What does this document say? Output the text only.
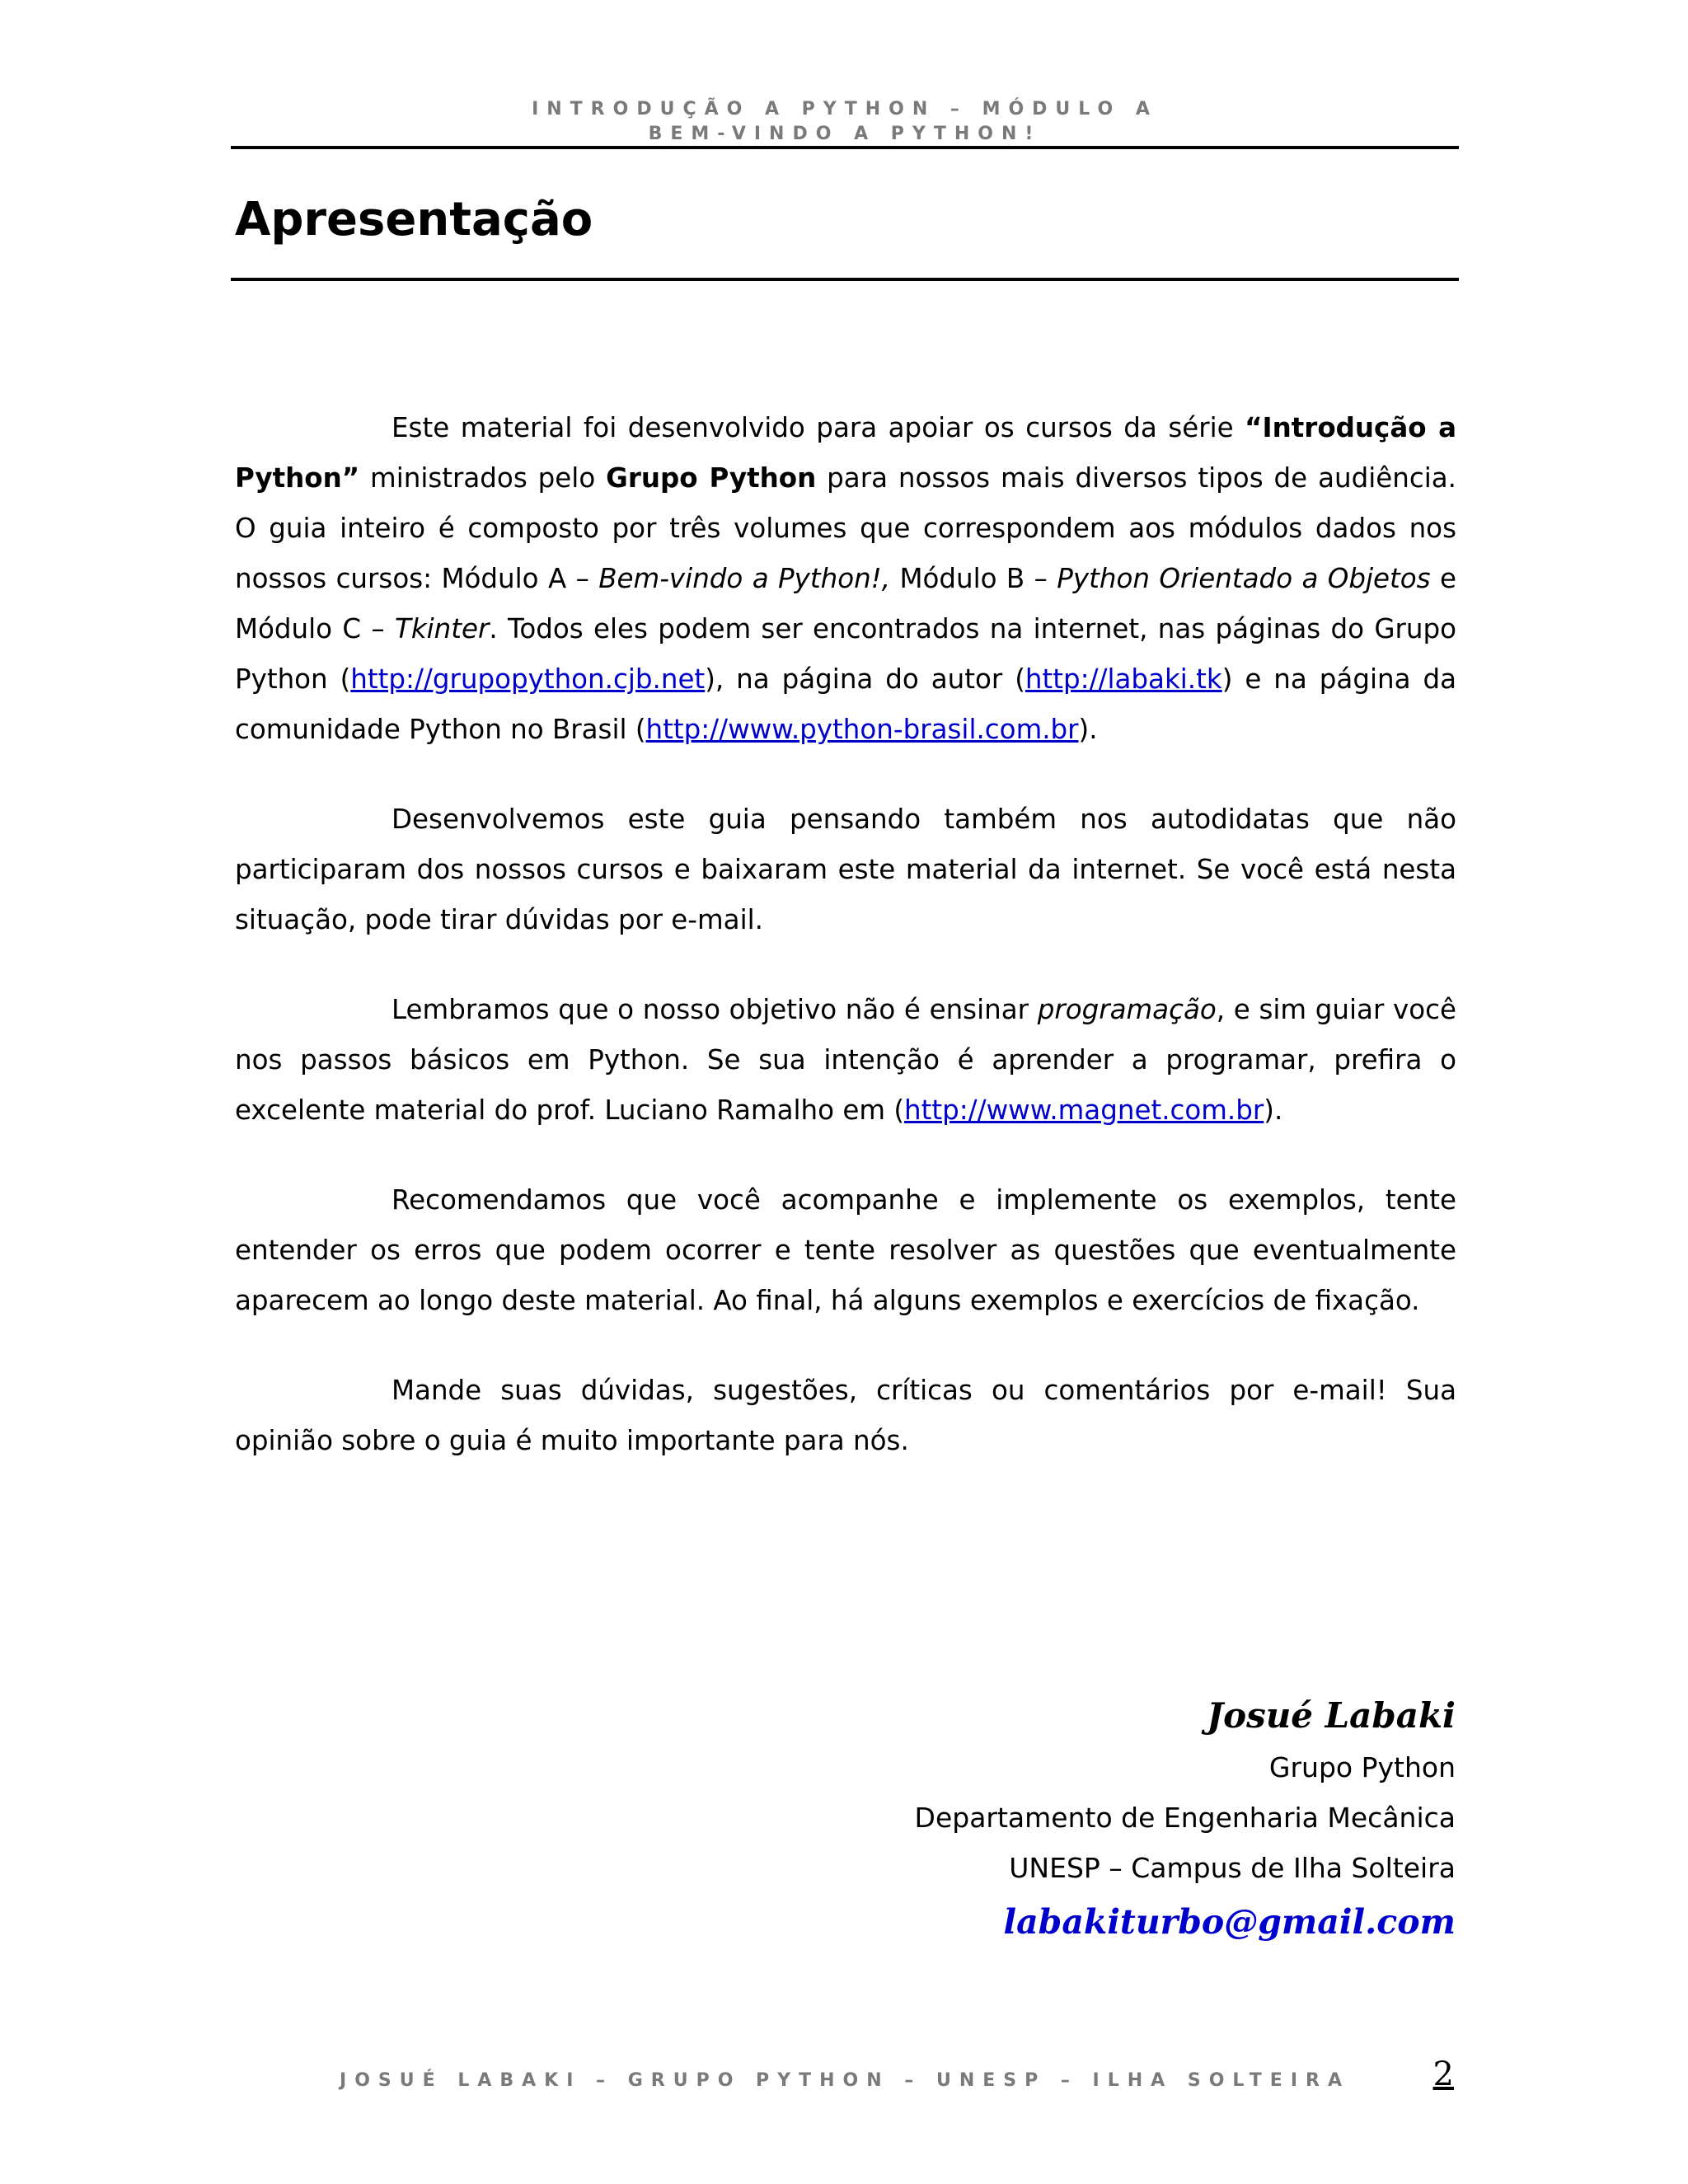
INTRODUÇÃO A PYTHON – MÓDULO A
BEM-VINDO A PYTHON!
Apresentação

Este material foi desenvolvido para apoiar os cursos da série “Introdução a Python” ministrados pelo Grupo Python para nossos mais diversos tipos de audiência. O guia inteiro é composto por três volumes que correspondem aos módulos dados nos nossos cursos: Módulo A – Bem-vindo a Python!, Módulo B – Python Orientado a Objetos e Módulo C – Tkinter. Todos eles podem ser encontrados na internet, nas páginas do Grupo Python (http://grupopython.cjb.net), na página do autor (http://labaki.tk) e na página da comunidade Python no Brasil (http://www.python-brasil.com.br).

Desenvolvemos este guia pensando também nos autodidatas que não participaram dos nossos cursos e baixaram este material da internet. Se você está nesta situação, pode tirar dúvidas por e-mail.

Lembramos que o nosso objetivo não é ensinar programação, e sim guiar você nos passos básicos em Python. Se sua intenção é aprender a programar, prefira o excelente material do prof. Luciano Ramalho em (http://www.magnet.com.br).

Recomendamos que você acompanhe e implemente os exemplos, tente entender os erros que podem ocorrer e tente resolver as questões que eventualmente aparecem ao longo deste material. Ao final, há alguns exemplos e exercícios de fixação.

Mande suas dúvidas, sugestões, críticas ou comentários por e-mail! Sua opinião sobre o guia é muito importante para nós.

Josué Labaki
Grupo Python
Departamento de Engenharia Mecânica
UNESP – Campus de Ilha Solteira
labakiturbo@gmail.com
JOSUÉ LABAKI – GRUPO PYTHON – UNESP – ILHA SOLTEIRA	2
